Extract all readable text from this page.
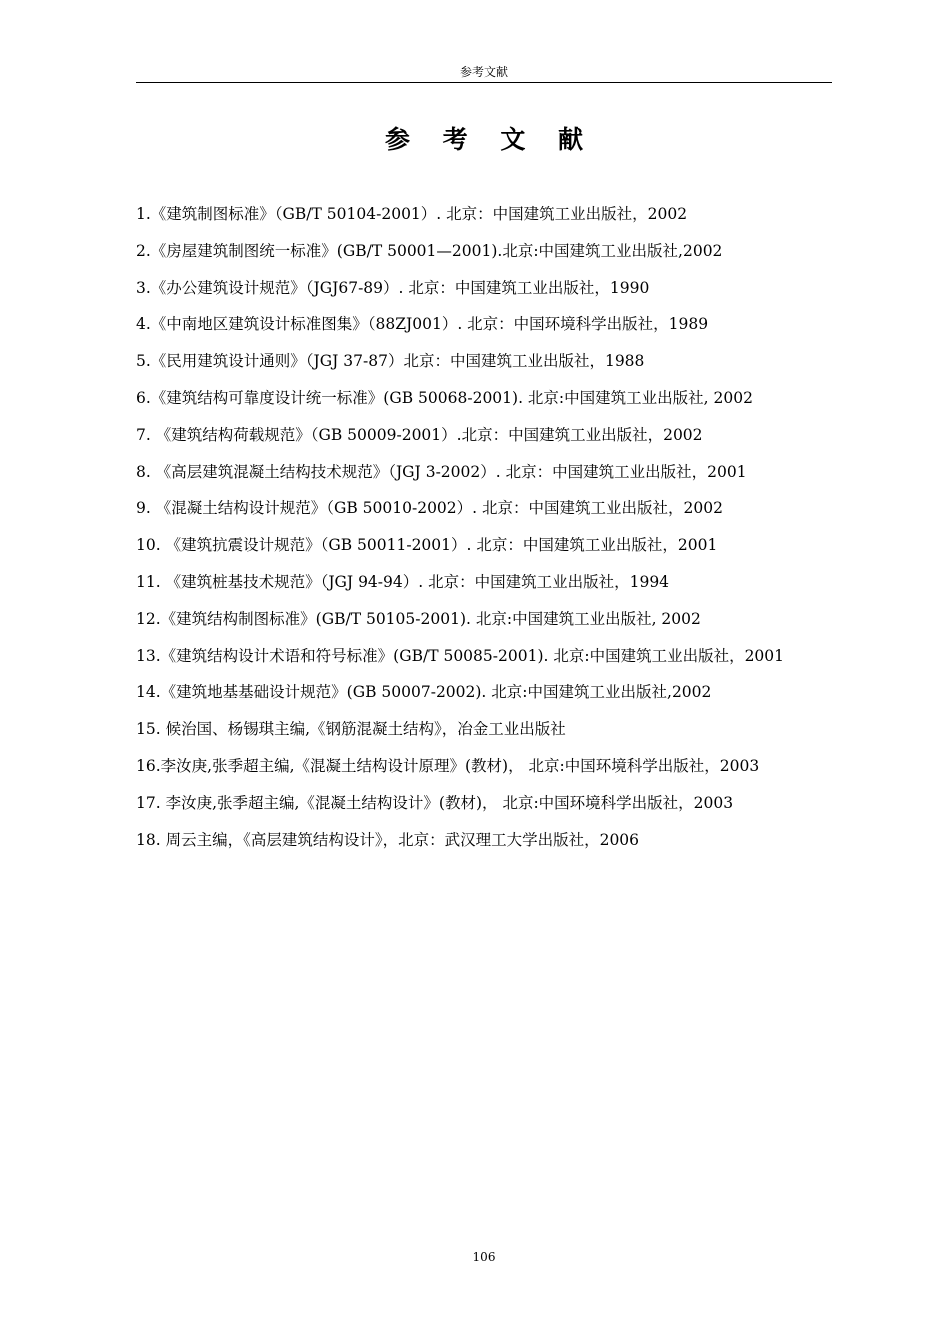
参考文献
参 考 文 献
1.《建筑制图标准》（GB/T 50104-2001）. 北京：中国建筑工业出版社，2002
2.《房屋建筑制图统一标准》(GB/T 50001—2001).北京:中国建筑工业出版社,2002
3.《办公建筑设计规范》（JGJ67-89）. 北京：中国建筑工业出版社，1990
4.《中南地区建筑设计标准图集》（88ZJ001）. 北京：中国环境科学出版社，1989
5.《民用建筑设计通则》（JGJ 37-87）北京：中国建筑工业出版社，1988
6.《建筑结构可靠度设计统一标准》(GB 50068-2001). 北京:中国建筑工业出版社, 2002
7. 《建筑结构荷载规范》（GB 50009-2001）.北京：中国建筑工业出版社，2002
8. 《高层建筑混凝土结构技术规范》（JGJ 3-2002）. 北京：中国建筑工业出版社，2001
9. 《混凝土结构设计规范》（GB 50010-2002）. 北京：中国建筑工业出版社，2002
10. 《建筑抗震设计规范》（GB 50011-2001）. 北京：中国建筑工业出版社，2001
11. 《建筑桩基技术规范》（JGJ 94-94）. 北京：中国建筑工业出版社，1994
12.《建筑结构制图标准》(GB/T 50105-2001). 北京:中国建筑工业出版社, 2002
13.《建筑结构设计术语和符号标准》(GB/T 50085-2001). 北京:中国建筑工业出版社，2001
14.《建筑地基基础设计规范》(GB 50007-2002). 北京:中国建筑工业出版社,2002
15. 候治国、杨锡琪主编,《钢筋混凝土结构》，冶金工业出版社
16.李汝庚,张季超主编,《混凝土结构设计原理》(教材)， 北京:中国环境科学出版社，2003
17. 李汝庚,张季超主编,《混凝土结构设计》(教材)， 北京:中国环境科学出版社，2003
18. 周云主编，《高层建筑结构设计》，北京：武汉理工大学出版社，2006
106
